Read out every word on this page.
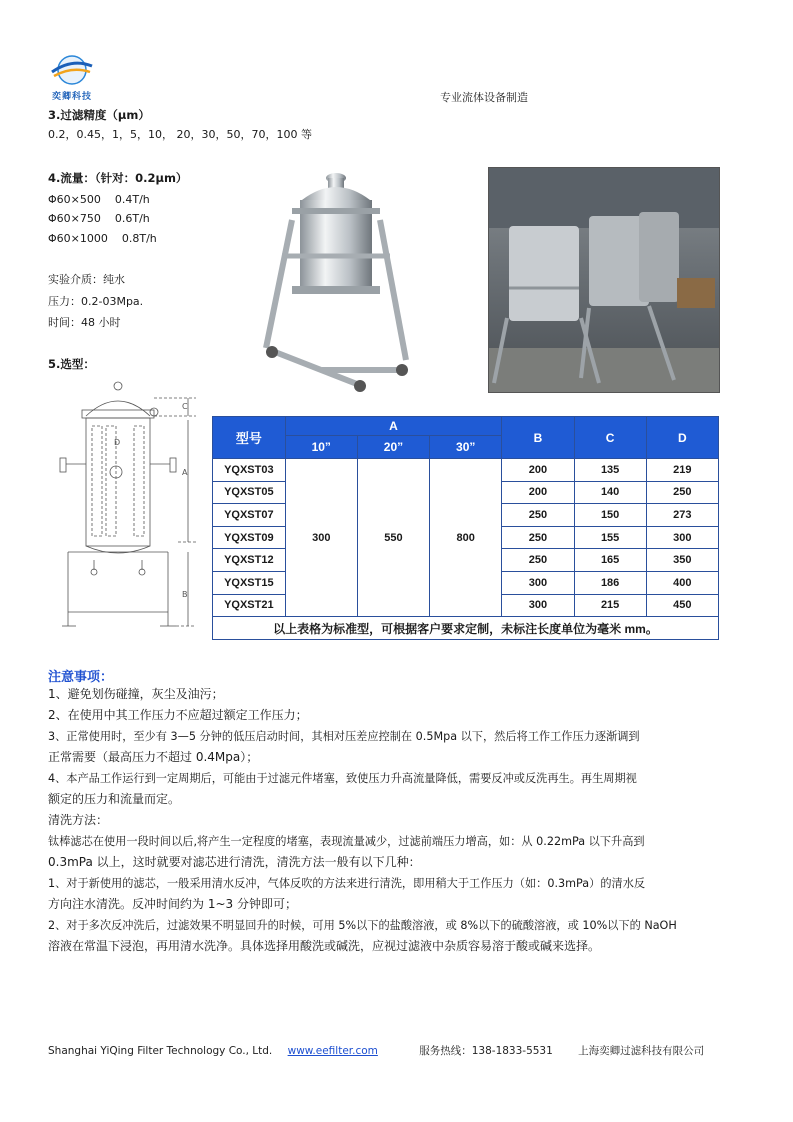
奕卿科技	专业流体设备制造
3.过滤精度（μm）
0.2，0.45，1，5，10， 20，30，50，70，100 等
4.流量：（针对：0.2μm）
Φ60×500    0.4T/h
Φ60×750    0.6T/h
Φ60×1000    0.8T/h
实验介质：纯水
压力：0.2-03Mpa.
时间：48 小时
5.选型：
C
A
B
D	型号	A			B	C	D
	10”	20”	30”			
YQXST03	300	550	800	200	135	219
YQXST05				200	140	250
YQXST07				250	150	273
YQXST09				250	155	300
YQXST12				250	165	350
YQXST15				300	186	400
YQXST21				300	215	450
以上表格为标准型，可根据客户要求定制，未标注长度单位为毫米 mm。						
注意事项：
1、避免划伤碰撞，灰尘及油污；
2、在使用中其工作压力不应超过额定工作压力；
3、正常使用时，至少有 3—5 分钟的低压启动时间，其相对压差应控制在 0.5Mpa 以下，然后将工作工作压力逐渐调到
正常需要（最高压力不超过 0.4Mpa）；
4、本产品工作运行到一定周期后，可能由于过滤元件堵塞，致使压力升高流量降低，需要反冲或反洗再生。再生周期视
额定的压力和流量而定。
清洗方法：
钛棒滤芯在使用一段时间以后,将产生一定程度的堵塞，表现流量减少，过滤前端压力增高，如：从 0.22mPa 以下升高到
0.3mPa 以上，这时就要对滤芯进行清洗，清洗方法一般有以下几种：
1、对于新使用的滤芯，一般采用清水反冲，气体反吹的方法来进行清洗，即用稍大于工作压力（如：0.3mPa）的清水反
方向注水清洗。反冲时间约为 1~3 分钟即可；
2、对于多次反冲洗后，过滤效果不明显回升的时候，可用 5%以下的盐酸溶液，或 8%以下的硫酸溶液，或 10%以下的 NaOH
溶液在常温下浸泡，再用清水洗净。具体选择用酸洗或碱洗，应视过滤液中杂质容易溶于酸或碱来选择。
Shanghai YiQing Filter Technology Co., Ltd. www.eefilter.com	服务热线：138-1833-5531 上海奕卿过滤科技有限公司
